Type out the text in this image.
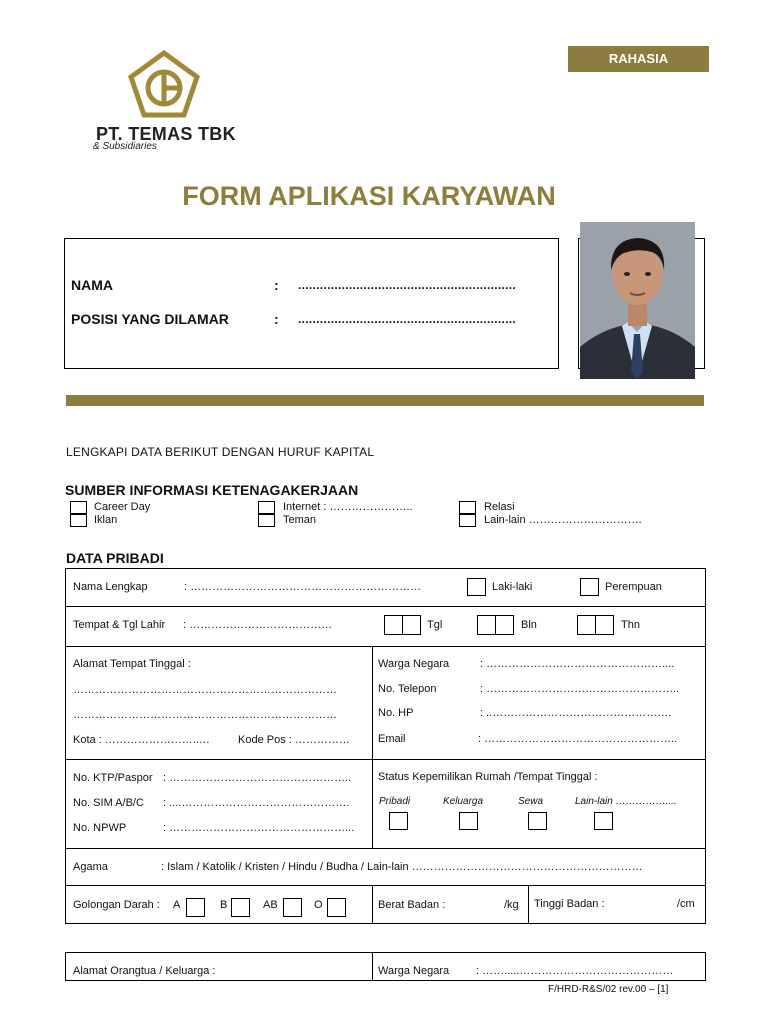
RAHASIA
PT. TEMAS TBK
& Subsidiaries
FORM APLIKASI KARYAWAN
NAMA	: ............................................................
POSISI YANG DILAMAR	: ............................................................
LENGKAPI DATA BERIKUT DENGAN HURUF KAPITAL
SUMBER INFORMASI KETENAGAKERJAAN
Career Day
Iklan
Internet : …………………..
Teman
Relasi
Lain-lain ………………………….
DATA PRIBADI
Nama Lengkap	: ………………………………………………………	Laki-laki	Perempuan
Tempat & Tgl Lahir : …………………………………	Tgl	Bln	Thn
Alamat Tempat Tinggal :
………………………………………………………………
………………………………………………………………
Kota : ……………………..…	Kode Pos : ……………
Warga Negara	: …………………………………………....
No. Telepon	: ……………………………………………..
No. HP	: ..………………………………………….
Email	: ……………………………………………..
No. KTP/Paspor : …………………………………………..
No. SIM A/B/C : ....……………………………………….
No. NPWP	: …………………………………………...
Status Kepemilikan Rumah /Tempat Tinggal :
Pribadi	Keluarga	Sewa	Lain-lain ……………....
Agama	: Islam / Katolik / Kristen / Hindu / Budha / Lain-lain ………………………………………………………
Golongan Darah : A	B	AB	O	Berat Badan :	/kg Tinggi Badan :	/cm
Alamat Orangtua / Keluarga :	Warga Negara : …….....……………………………………
F/HRD-R&S/02 rev.00 – [1]
